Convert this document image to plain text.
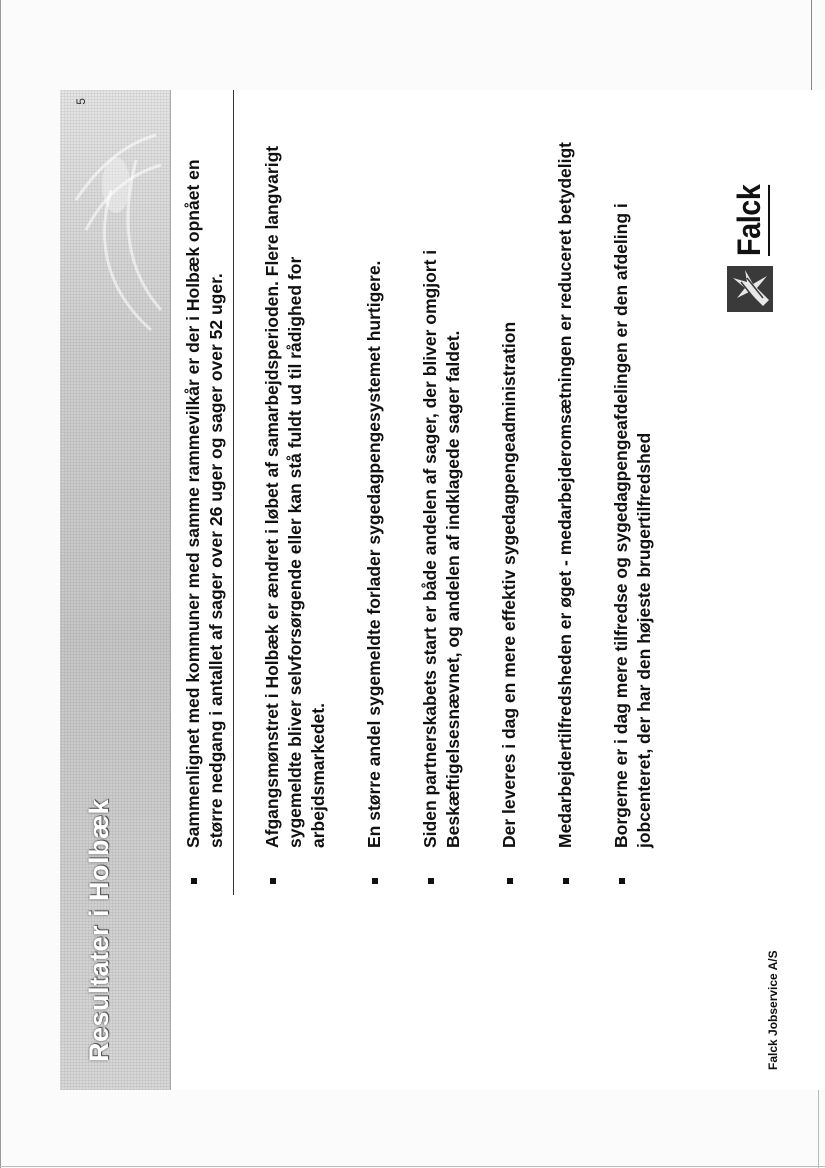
Resultater i Holbæk
5
Sammenlignet med kommuner med samme rammevilkår er der i Holbæk opnået en større nedgang i antallet af sager over 26 uger og sager over 52 uger. Afgangsmønstret i Holbæk er ændret i løbet af samarbejdsperioden. Flere langvarigt sygemeldte bliver selvforsørgende eller kan stå fuldt ud til rådighed for arbejdsmarkedet. En større andel sygemeldte forlader sygedagpengesystemet hurtigere. Siden partnerskabets start er både andelen af sager, der bliver omgjort i Beskæftigelsesnævnet, og andelen af indklagede sager faldet. Der leveres i dag en mere effektiv sygedagpengeadministration Medarbejdertilfredsheden er øget - medarbejderomsætningen er reduceret betydeligt Borgerne er i dag mere tilfredse og sygedagpengeafdelingen er den afdeling i jobcenteret, der har den højeste brugertilfredshed
Falck Jobservice A/S
Falck
